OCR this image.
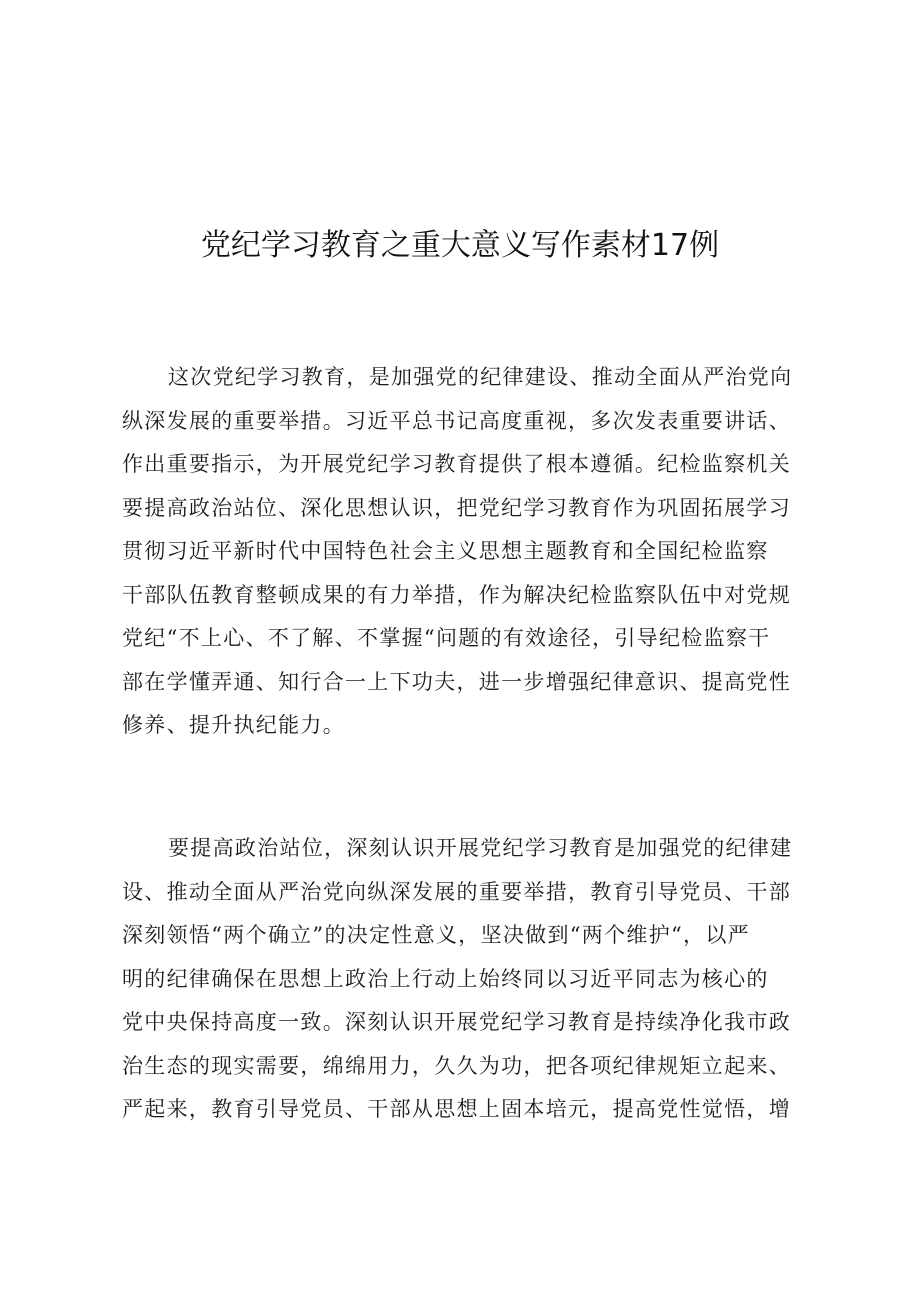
党纪学习教育之重大意义写作素材17例
这次党纪学习教育，是加强党的纪律建设、推动全面从严治党向
纵深发展的重要举措。习近平总书记高度重视，多次发表重要讲话、
作出重要指示，为开展党纪学习教育提供了根本遵循。纪检监察机关
要提高政治站位、深化思想认识，把党纪学习教育作为巩固拓展学习
贯彻习近平新时代中国特色社会主义思想主题教育和全国纪检监察
干部队伍教育整顿成果的有力举措，作为解决纪检监察队伍中对党规
党纪“不上心、不了解、不掌握“问题的有效途径，引导纪检监察干
部在学懂弄通、知行合一上下功夫，进一步增强纪律意识、提高党性
修养、提升执纪能力。
要提高政治站位，深刻认识开展党纪学习教育是加强党的纪律建
设、推动全面从严治党向纵深发展的重要举措，教育引导党员、干部
深刻领悟“两个确立”的决定性意义，坚决做到“两个维护“，以严
明的纪律确保在思想上政治上行动上始终同以习近平同志为核心的
党中央保持高度一致。深刻认识开展党纪学习教育是持续净化我市政
治生态的现实需要，绵绵用力，久久为功，把各项纪律规矩立起来、
严起来，教育引导党员、干部从思想上固本培元，提高党性觉悟，增
